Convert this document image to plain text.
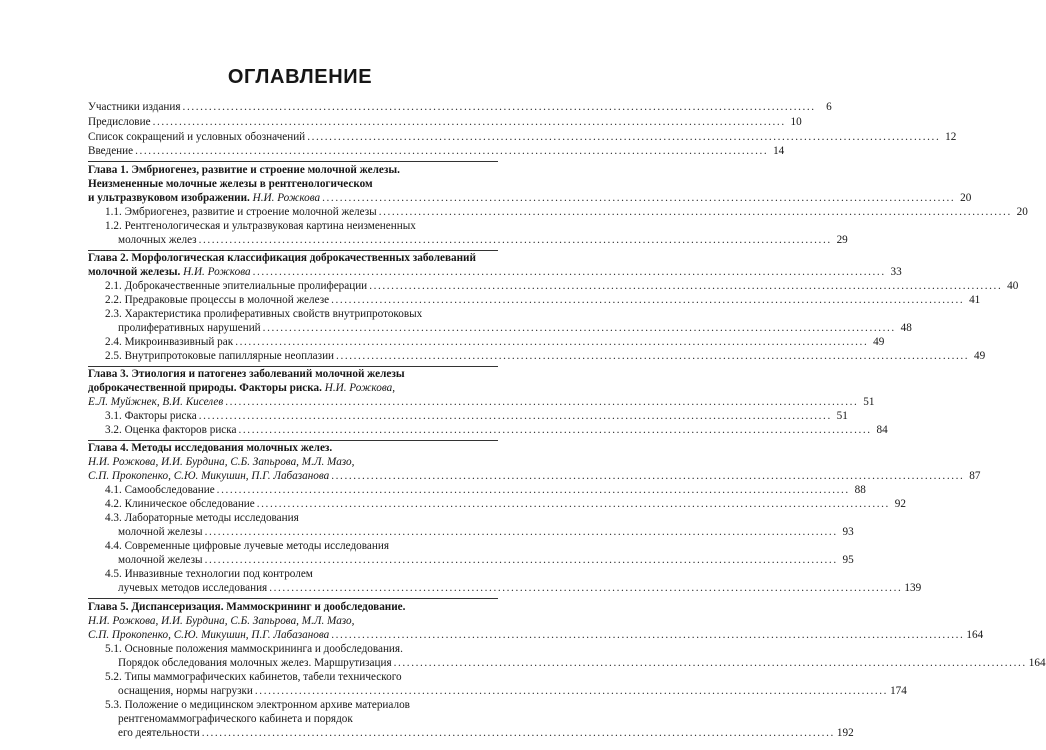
ОГЛАВЛЕНИЕ
Участники издания ................................................................................................................................................ 6
Предисловие ................................................................................................................................................ 10
Список сокращений и условных обозначений ................................................................................................................................................ 12
Введение ................................................................................................................................................ 14
Глава 1. Эмбриогенез, развитие и строение молочной железы.
Неизмененные молочные железы в рентгенологическом
и ультразвуковом изображении. Н.И. Рожкова ................................................................................................................................................ 20
1.1. Эмбриогенез, развитие и строение молочной железы ................................................................................................................................................ 20
1.2. Рентгенологическая и ультразвуковая картина неизмененных
молочных желез ................................................................................................................................................ 29
Глава 2. Морфологическая классификация доброкачественных заболеваний
молочной железы. Н.И. Рожкова ................................................................................................................................................ 33
2.1. Доброкачественные эпителиальные пролиферации ................................................................................................................................................ 40
2.2. Предраковые процессы в молочной железе ................................................................................................................................................ 41
2.3. Характеристика пролиферативных свойств внутрипротоковых
пролиферативных нарушений ................................................................................................................................................ 48
2.4. Микроинвазивный рак ................................................................................................................................................ 49
2.5. Внутрипротоковые папиллярные неоплазии ................................................................................................................................................ 49
Глава 3. Этиология и патогенез заболеваний молочной железы
доброкачественной природы. Факторы риска. Н.И. Рожкова,
Е.Л. Муйжнек, В.И. Киселев ................................................................................................................................................ 51
3.1. Факторы риска ................................................................................................................................................ 51
3.2. Оценка факторов риска ................................................................................................................................................ 84
Глава 4. Методы исследования молочных желез.
Н.И. Рожкова, И.И. Бурдина, С.Б. Запьрова, М.Л. Мазо,
С.П. Прокопенко, С.Ю. Микушин, П.Г. Лабазанова ................................................................................................................................................ 87
4.1. Самообследование ................................................................................................................................................ 88
4.2. Клиническое обследование ................................................................................................................................................ 92
4.3. Лабораторные методы исследования
молочной железы ................................................................................................................................................ 93
4.4. Современные цифровые лучевые методы исследования
молочной железы ................................................................................................................................................ 95
4.5. Инвазивные технологии под контролем
лучевых методов исследования ................................................................................................................................................ 139
Глава 5. Диспансеризация. Маммоскрининг и дообследование.
Н.И. Рожкова, И.И. Бурдина, С.Б. Запьрова, М.Л. Мазо,
С.П. Прокопенко, С.Ю. Микушин, П.Г. Лабазанова ................................................................................................................................................ 164
5.1. Основные положения маммоскрининга и дообследования.
Порядок обследования молочных желез. Маршрутизация ................................................................................................................................................ 164
5.2. Типы маммографических кабинетов, табели технического
оснащения, нормы нагрузки ................................................................................................................................................ 174
5.3. Положение о медицинском электронном архиве материалов
рентгеномаммографического кабинета и порядок
его деятельности ................................................................................................................................................ 192
